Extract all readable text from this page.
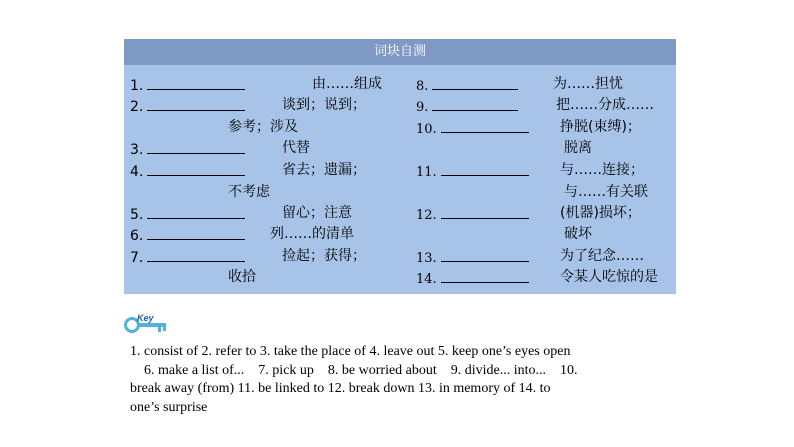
词块自测
1.	由……组成
2.	谈到；说到；
参考；涉及
3.	代替
4.	省去；遗漏；
不考虑
5.	留心；注意
6.	列……的清单
7.	捡起；获得；
收拾
8.	为……担忧
9.	把……分成……
10.	挣脱(束缚)；
脱离
11.	与……连接；
与……有关联
12.	(机器)损坏；
破坏
13.	为了纪念……
14.	令某人吃惊的是
Key
1. consist of 2. refer to 3. take the place of 4. leave out 5. keep one’s eyes open
6. make a list of...    7. pick up    8. be worried about    9. divide... into...    10.
break away (from) 11. be linked to 12. break down 13. in memory of 14. to
one’s surprise
